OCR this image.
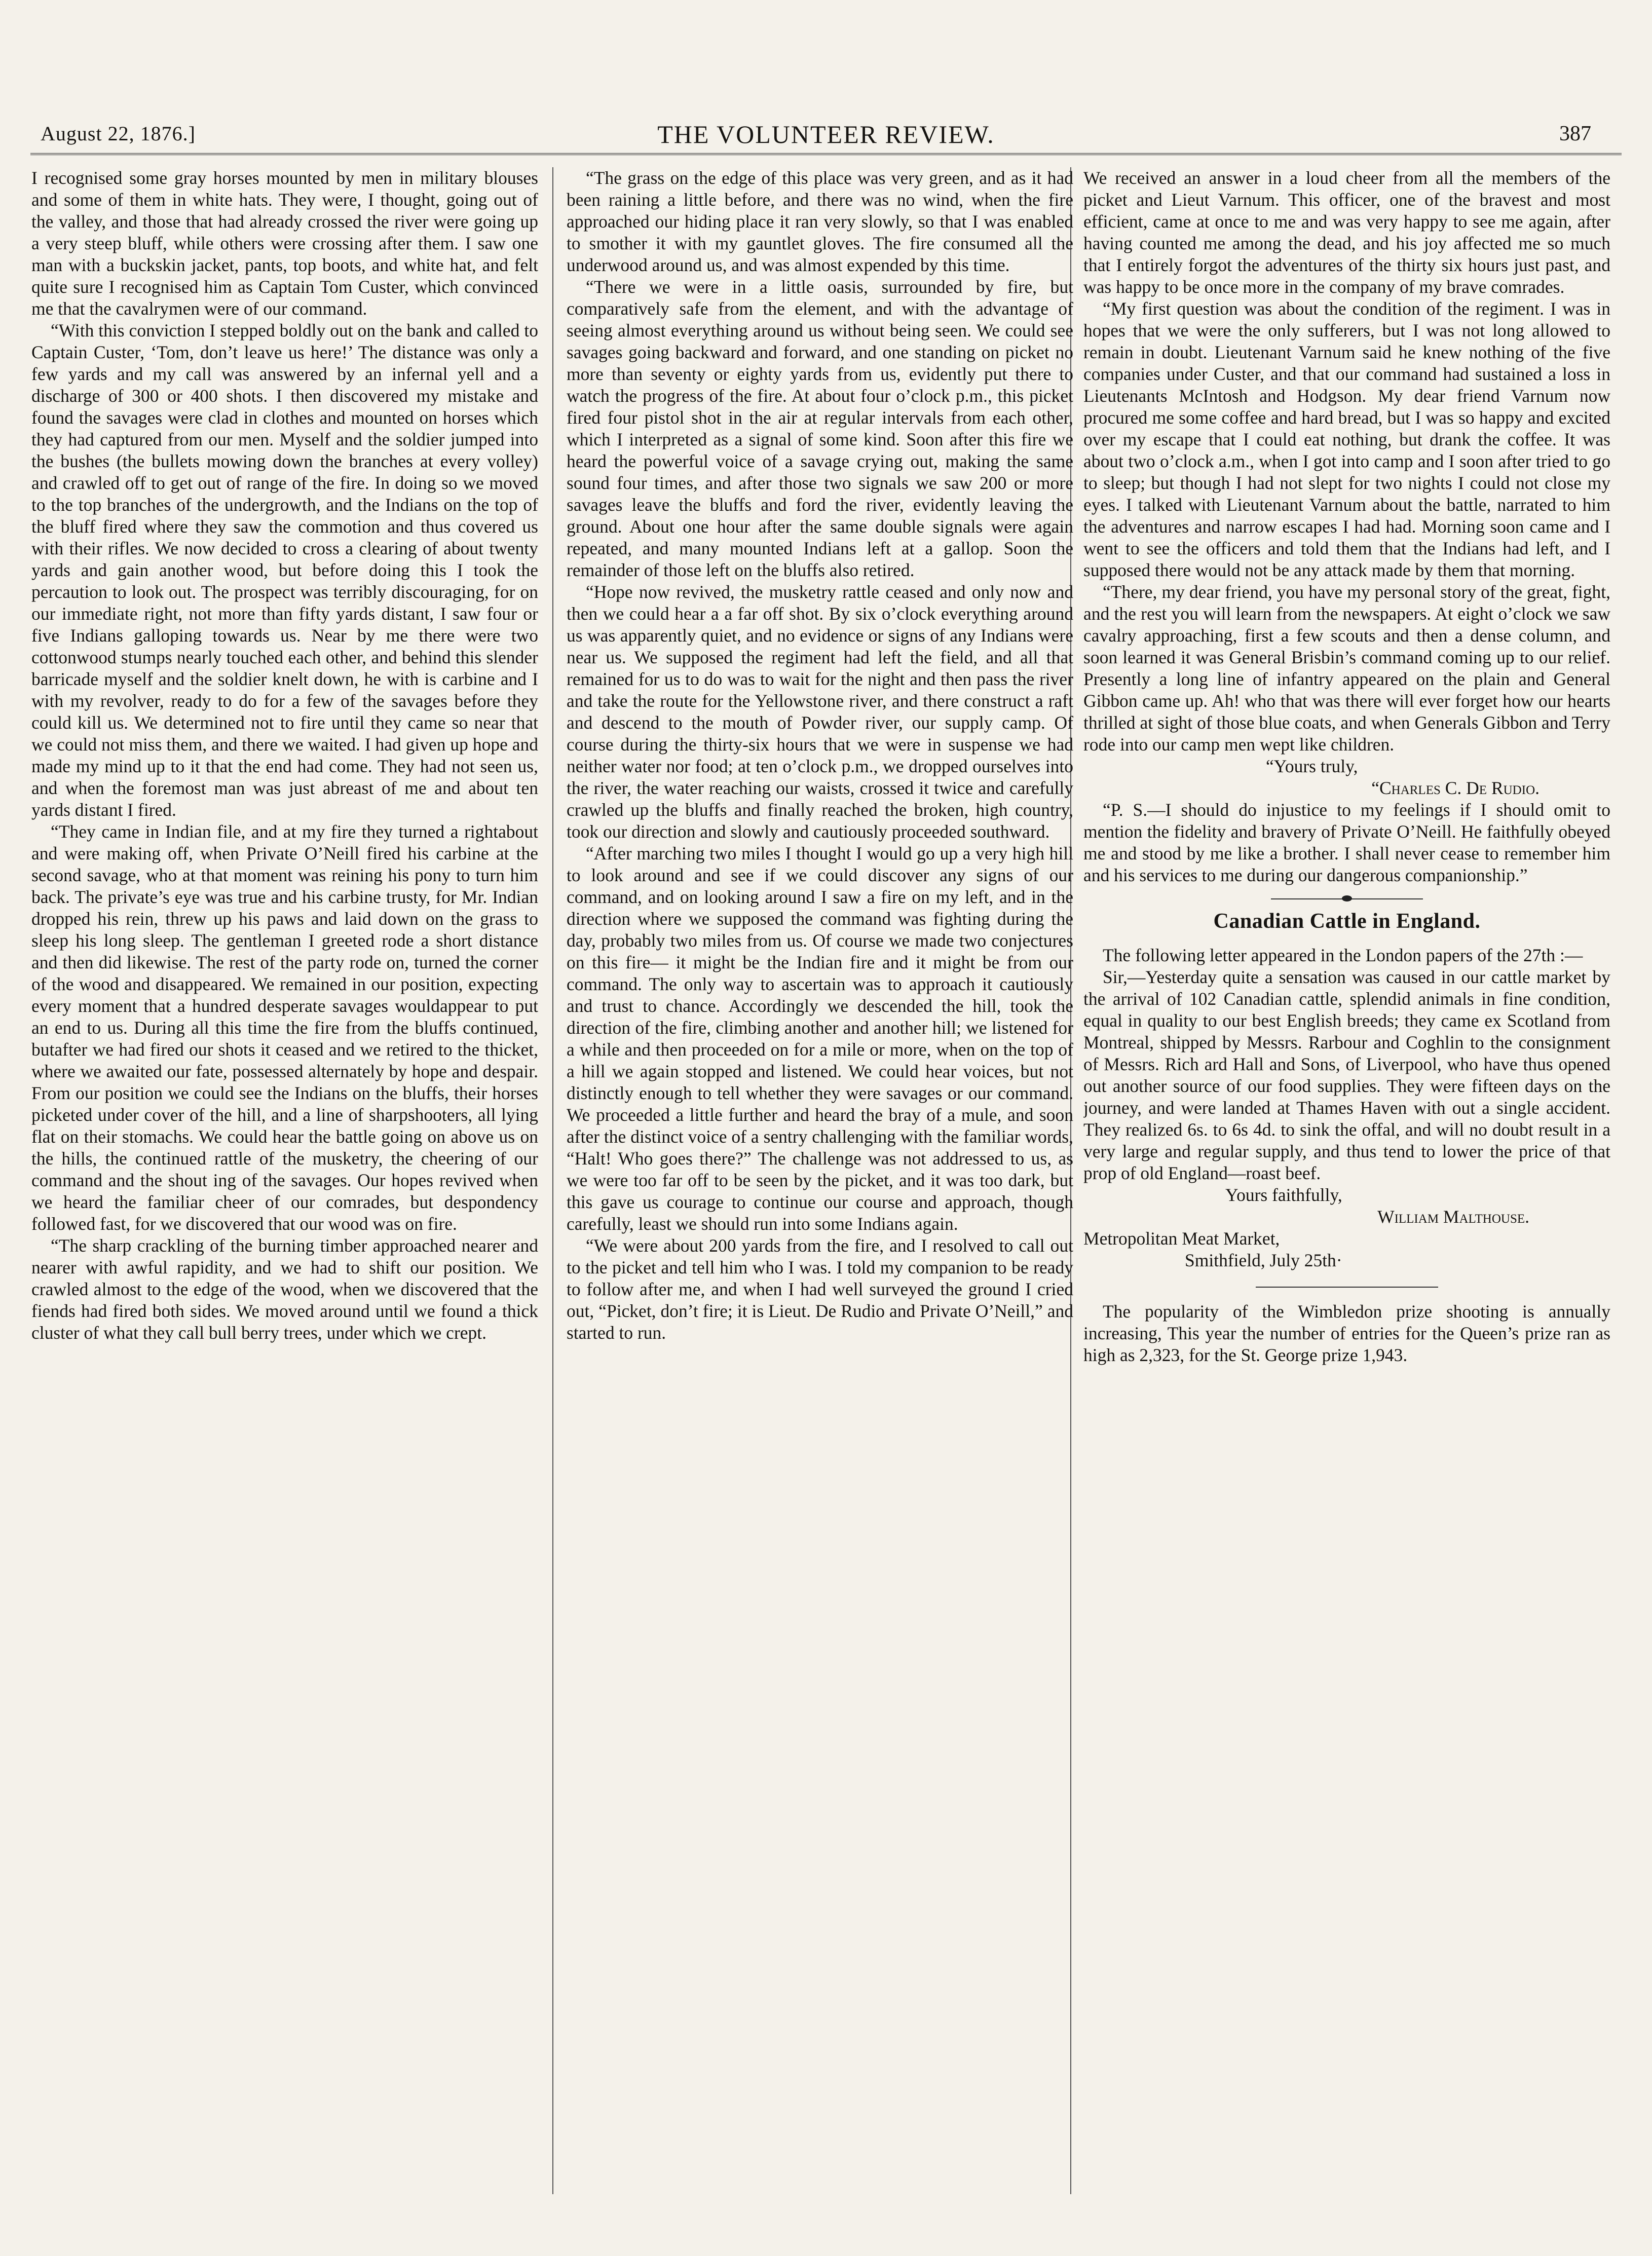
August 22, 1876.]	THE VOLUNTEER REVIEW.	387

I recognised some gray horses mounted by men in military blouses and some of them in white hats. They were, I thought, going out of the valley, and those that had already crossed the river were going up a very steep bluff, while others were crossing after them. I saw one man with a buckskin jacket, pants, top boots, and white hat, and felt quite sure I recognised him as Captain Tom Custer, which convinced me that the cavalrymen were of our command.

“With this conviction I stepped boldly out on the bank and called to Captain Custer, ‘Tom, don’t leave us here!’ The distance was only a few yards and my call was answered by an infernal yell and a discharge of 300 or 400 shots. I then discovered my mistake and found the savages were clad in clothes and mounted on horses which they had captured from our men. Myself and the soldier jumped into the bushes (the bullets mowing down the branches at every volley) and crawled off to get out of range of the fire. In doing so we moved to the top branches of the undergrowth, and the Indians on the top of the bluff fired where they saw the commotion and thus covered us with their rifles. We now decided to cross a clearing of about twenty yards and gain another wood, but before doing this I took the percaution to look out. The prospect was terribly discouraging, for on our immediate right, not more than fifty yards distant, I saw four or five Indians galloping towards us. Near by me there were two cottonwood stumps nearly touched each other, and behind this slender barricade myself and the soldier knelt down, he with is carbine and I with my revolver, ready to do for a few of the savages before they could kill us. We determined not to fire until they came so near that we could not miss them, and there we waited. I had given up hope and made my mind up to it that the end had come. They had not seen us, and when the foremost man was just abreast of me and about ten yards distant I fired.

“They came in Indian file, and at my fire they turned a rightabout and were making off, when Private O’Neill fired his carbine at the second savage, who at that moment was reining his pony to turn him back. The private’s eye was true and his carbine trusty, for Mr. Indian dropped his rein, threw up his paws and laid down on the grass to sleep his long sleep. The gentleman I greeted rode a short distance and then did likewise. The rest of the party rode on, turned the corner of the wood and disappeared. We remained in our position, expecting every moment that a hundred desperate savages wouldappear to put an end to us. During all this time the fire from the bluffs continued, butafter we had fired our shots it ceased and we retired to the thicket, where we awaited our fate, possessed alternately by hope and despair. From our position we could see the Indians on the bluffs, their horses picketed under cover of the hill, and a line of sharpshooters, all lying flat on their stomachs. We could hear the battle going on above us on the hills, the continued rattle of the musketry, the cheering of our command and the shout ing of the savages. Our hopes revived when we heard the familiar cheer of our comrades, but despondency followed fast, for we discovered that our wood was on fire.

“The sharp crackling of the burning timber approached nearer and nearer with awful rapidity, and we had to shift our position. We crawled almost to the edge of the wood, when we discovered that the fiends had fired both sides. We moved around until we found a thick cluster of what they call bull berry trees, under which we crept.

“The grass on the edge of this place was very green, and as it had been raining a little before, and there was no wind, when the fire approached our hiding place it ran very slowly, so that I was enabled to smother it with my gauntlet gloves. The fire consumed all the underwood around us, and was almost expended by this time.

“There we were in a little oasis, surrounded by fire, but comparatively safe from the element, and with the advantage of seeing almost everything around us without being seen. We could see savages going backward and forward, and one standing on picket no more than seventy or eighty yards from us, evidently put there to watch the progress of the fire. At about four o’clock p.m., this picket fired four pistol shot in the air at regular intervals from each other, which I interpreted as a signal of some kind. Soon after this fire we heard the powerful voice of a savage crying out, making the same sound four times, and after those two signals we saw 200 or more savages leave the bluffs and ford the river, evidently leaving the ground. About one hour after the same double signals were again repeated, and many mounted Indians left at a gallop. Soon the remainder of those left on the bluffs also retired.

“Hope now revived, the musketry rattle ceased and only now and then we could hear a a far off shot. By six o’clock everything around us was apparently quiet, and no evidence or signs of any Indians were near us. We supposed the regiment had left the field, and all that remained for us to do was to wait for the night and then pass the river and take the route for the Yellowstone river, and there construct a raft and descend to the mouth of Powder river, our supply camp. Of course during the thirty-six hours that we were in suspense we had neither water nor food; at ten o’clock p.m., we dropped ourselves into the river, the water reaching our waists, crossed it twice and carefully crawled up the bluffs and finally reached the broken, high country, took our direction and slowly and cautiously proceeded southward.

“After marching two miles I thought I would go up a very high hill to look around and see if we could discover any signs of our command, and on looking around I saw a fire on my left, and in the direction where we supposed the command was fighting during the day, probably two miles from us. Of course we made two conjectures on this fire— it might be the Indian fire and it might be from our command. The only way to ascertain was to approach it cautiously and trust to chance. Accordingly we descended the hill, took the direction of the fire, climbing another and another hill; we listened for a while and then proceeded on for a mile or more, when on the top of a hill we again stopped and listened. We could hear voices, but not distinctly enough to tell whether they were savages or our command. We proceeded a little further and heard the bray of a mule, and soon after the distinct voice of a sentry challenging with the familiar words, “Halt! Who goes there?” The challenge was not addressed to us, as we were too far off to be seen by the picket, and it was too dark, but this gave us courage to continue our course and approach, though carefully, least we should run into some Indians again.

“We were about 200 yards from the fire, and I resolved to call out to the picket and tell him who I was. I told my companion to be ready to follow after me, and when I had well surveyed the ground I cried out, “Picket, don’t fire; it is Lieut. De Rudio and Private O’Neill,” and started to run.

We received an answer in a loud cheer from all the members of the picket and Lieut Varnum. This officer, one of the bravest and most efficient, came at once to me and was very happy to see me again, after having counted me among the dead, and his joy affected me so much that I entirely forgot the adventures of the thirty six hours just past, and was happy to be once more in the company of my brave comrades.

“My first question was about the condition of the regiment. I was in hopes that we were the only sufferers, but I was not long allowed to remain in doubt. Lieutenant Varnum said he knew nothing of the five companies under Custer, and that our command had sustained a loss in Lieutenants McIntosh and Hodgson. My dear friend Varnum now procured me some coffee and hard bread, but I was so happy and excited over my escape that I could eat nothing, but drank the coffee. It was about two o’clock a.m., when I got into camp and I soon after tried to go to sleep; but though I had not slept for two nights I could not close my eyes. I talked with Lieutenant Varnum about the battle, narrated to him the adventures and narrow escapes I had had. Morning soon came and I went to see the officers and told them that the Indians had left, and I supposed there would not be any attack made by them that morning.

“There, my dear friend, you have my personal story of the great, fight, and the rest you will learn from the newspapers. At eight o’clock we saw cavalry approaching, first a few scouts and then a dense column, and soon learned it was General Brisbin’s command coming up to our relief. Presently a long line of infantry appeared on the plain and General Gibbon came up. Ah! who that was there will ever forget how our hearts thrilled at sight of those blue coats, and when Generals Gibbon and Terry rode into our camp men wept like children.

“Yours truly,

“Charles C. De Rudio.

“P. S.—I should do injustice to my feelings if I should omit to mention the fidelity and bravery of Private O’Neill. He faithfully obeyed me and stood by me like a brother. I shall never cease to remember him and his services to me during our dangerous companionship.”

Canadian Cattle in England.

The following letter appeared in the London papers of the 27th :—

Sir,—Yesterday quite a sensation was caused in our cattle market by the arrival of 102 Canadian cattle, splendid animals in fine condition, equal in quality to our best English breeds; they came ex Scotland from Montreal, shipped by Messrs. Rarbour and Coghlin to the consignment of Messrs. Rich ard Hall and Sons, of Liverpool, who have thus opened out another source of our food supplies. They were fifteen days on the journey, and were landed at Thames Haven with out a single accident. They realized 6s. to 6s 4d. to sink the offal, and will no doubt result in a very large and regular supply, and thus tend to lower the price of that prop of old England—roast beef.

Yours faithfully,

William Malthouse.

Metropolitan Meat Market,

Smithfield, July 25th·

The popularity of the Wimbledon prize shooting is annually increasing, This year the number of entries for the Queen’s prize ran as high as 2,323, for the St. George prize 1,943.
